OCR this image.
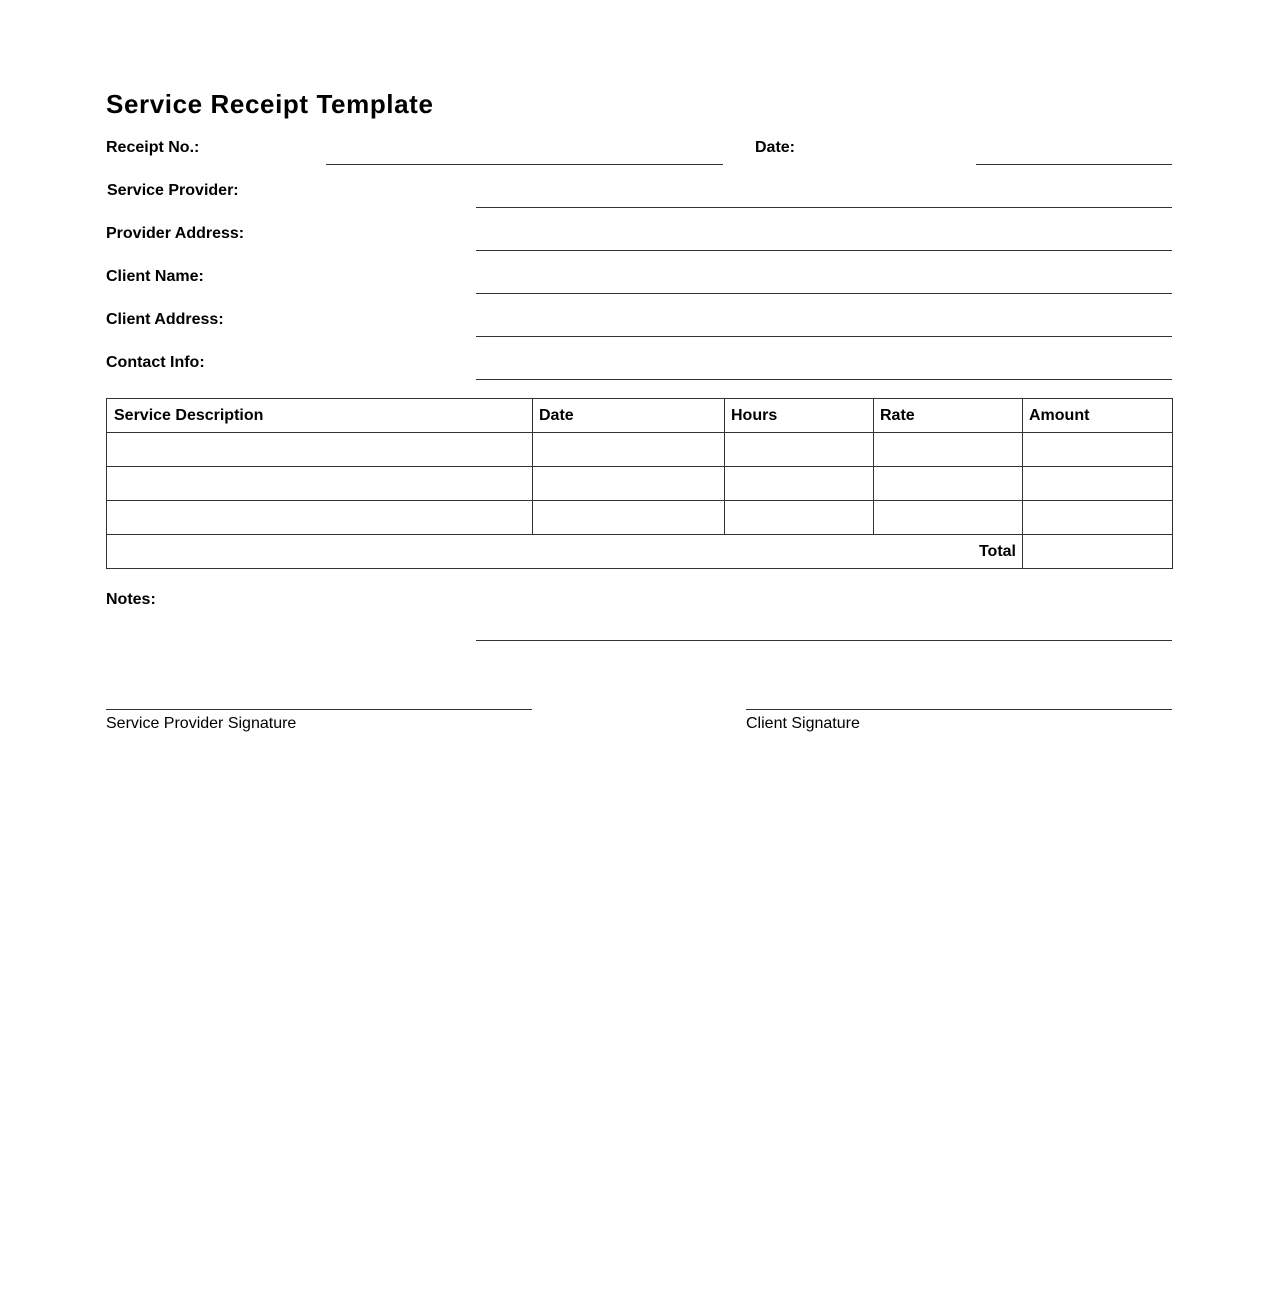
Service Receipt Template
Receipt No.:	Date:
Service Provider:
Provider Address:
Client Name:
Client Address:
Contact Info:
Service Description	Date	Hours	Rate	Amount

Total				
Notes:
Service Provider Signature	Client Signature
